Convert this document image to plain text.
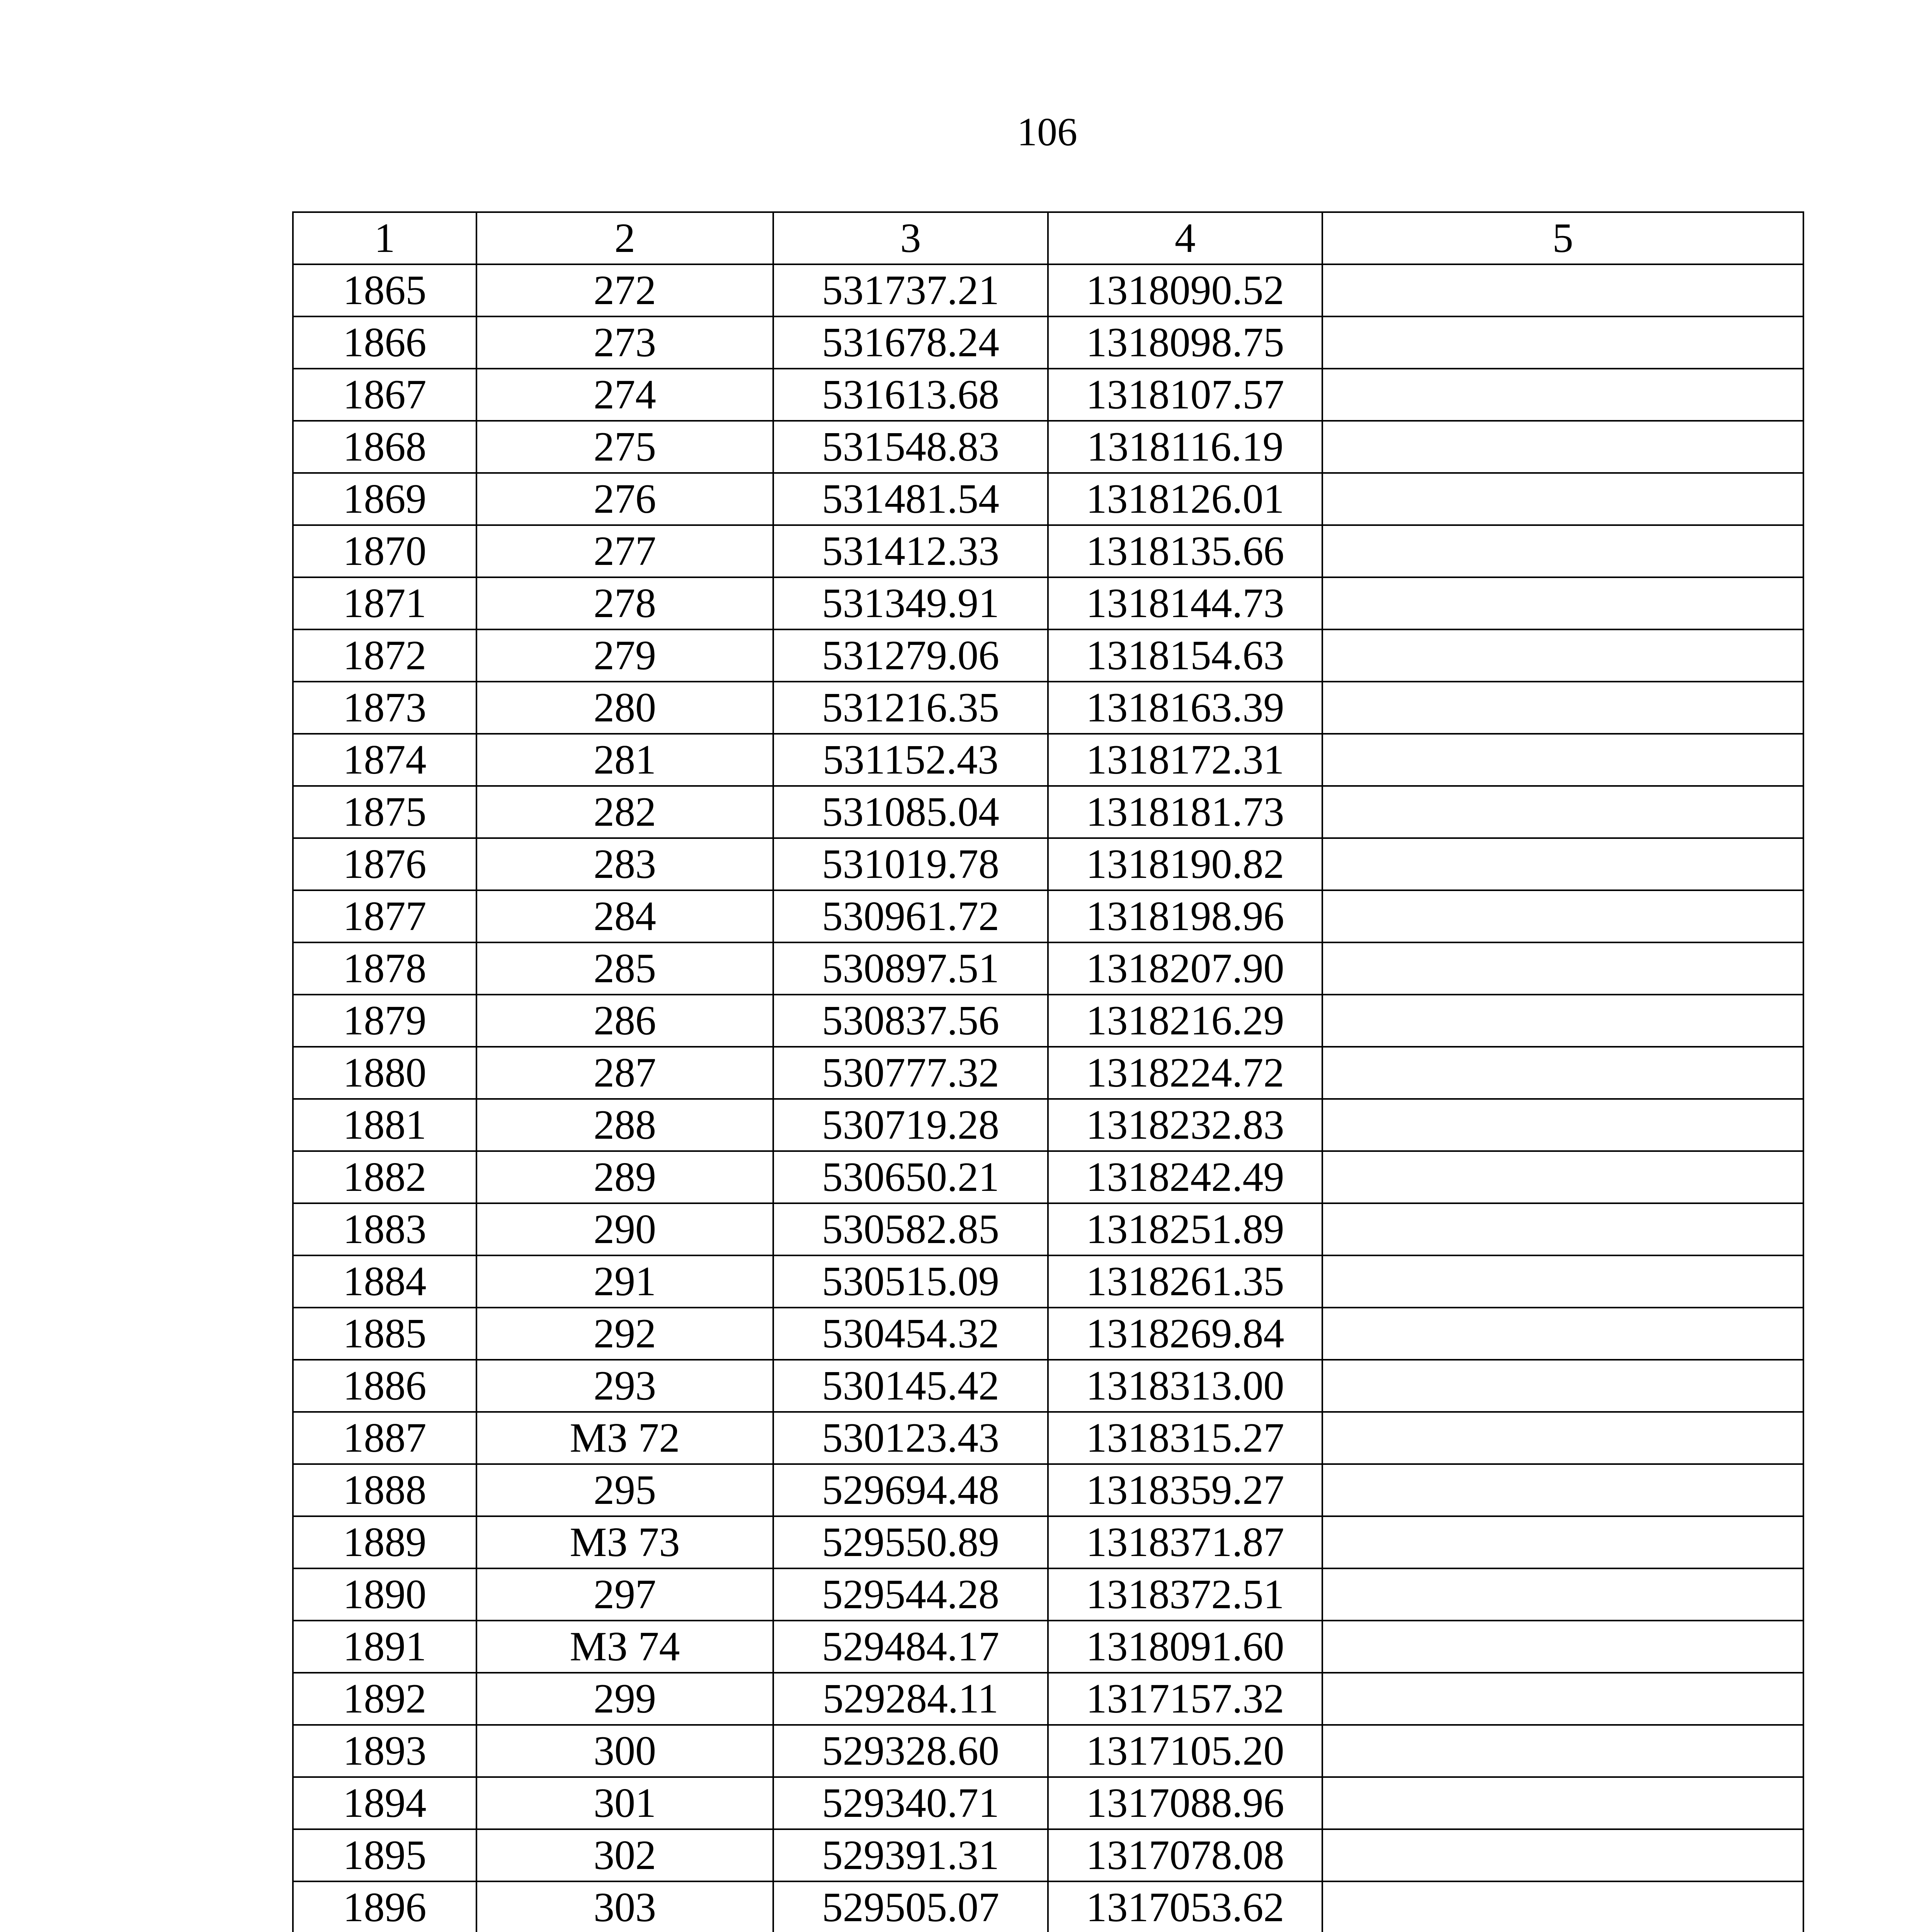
106
1	2	3	4	5
1865	272	531737.21	1318090.52	
1866	273	531678.24	1318098.75	
1867	274	531613.68	1318107.57	
1868	275	531548.83	1318116.19	
1869	276	531481.54	1318126.01	
1870	277	531412.33	1318135.66	
1871	278	531349.91	1318144.73	
1872	279	531279.06	1318154.63	
1873	280	531216.35	1318163.39	
1874	281	531152.43	1318172.31	
1875	282	531085.04	1318181.73	
1876	283	531019.78	1318190.82	
1877	284	530961.72	1318198.96	
1878	285	530897.51	1318207.90	
1879	286	530837.56	1318216.29	
1880	287	530777.32	1318224.72	
1881	288	530719.28	1318232.83	
1882	289	530650.21	1318242.49	
1883	290	530582.85	1318251.89	
1884	291	530515.09	1318261.35	
1885	292	530454.32	1318269.84	
1886	293	530145.42	1318313.00	
1887	МЗ 72	530123.43	1318315.27	
1888	295	529694.48	1318359.27	
1889	МЗ 73	529550.89	1318371.87	
1890	297	529544.28	1318372.51	
1891	МЗ 74	529484.17	1318091.60	
1892	299	529284.11	1317157.32	
1893	300	529328.60	1317105.20	
1894	301	529340.71	1317088.96	
1895	302	529391.31	1317078.08	
1896	303	529505.07	1317053.62	
